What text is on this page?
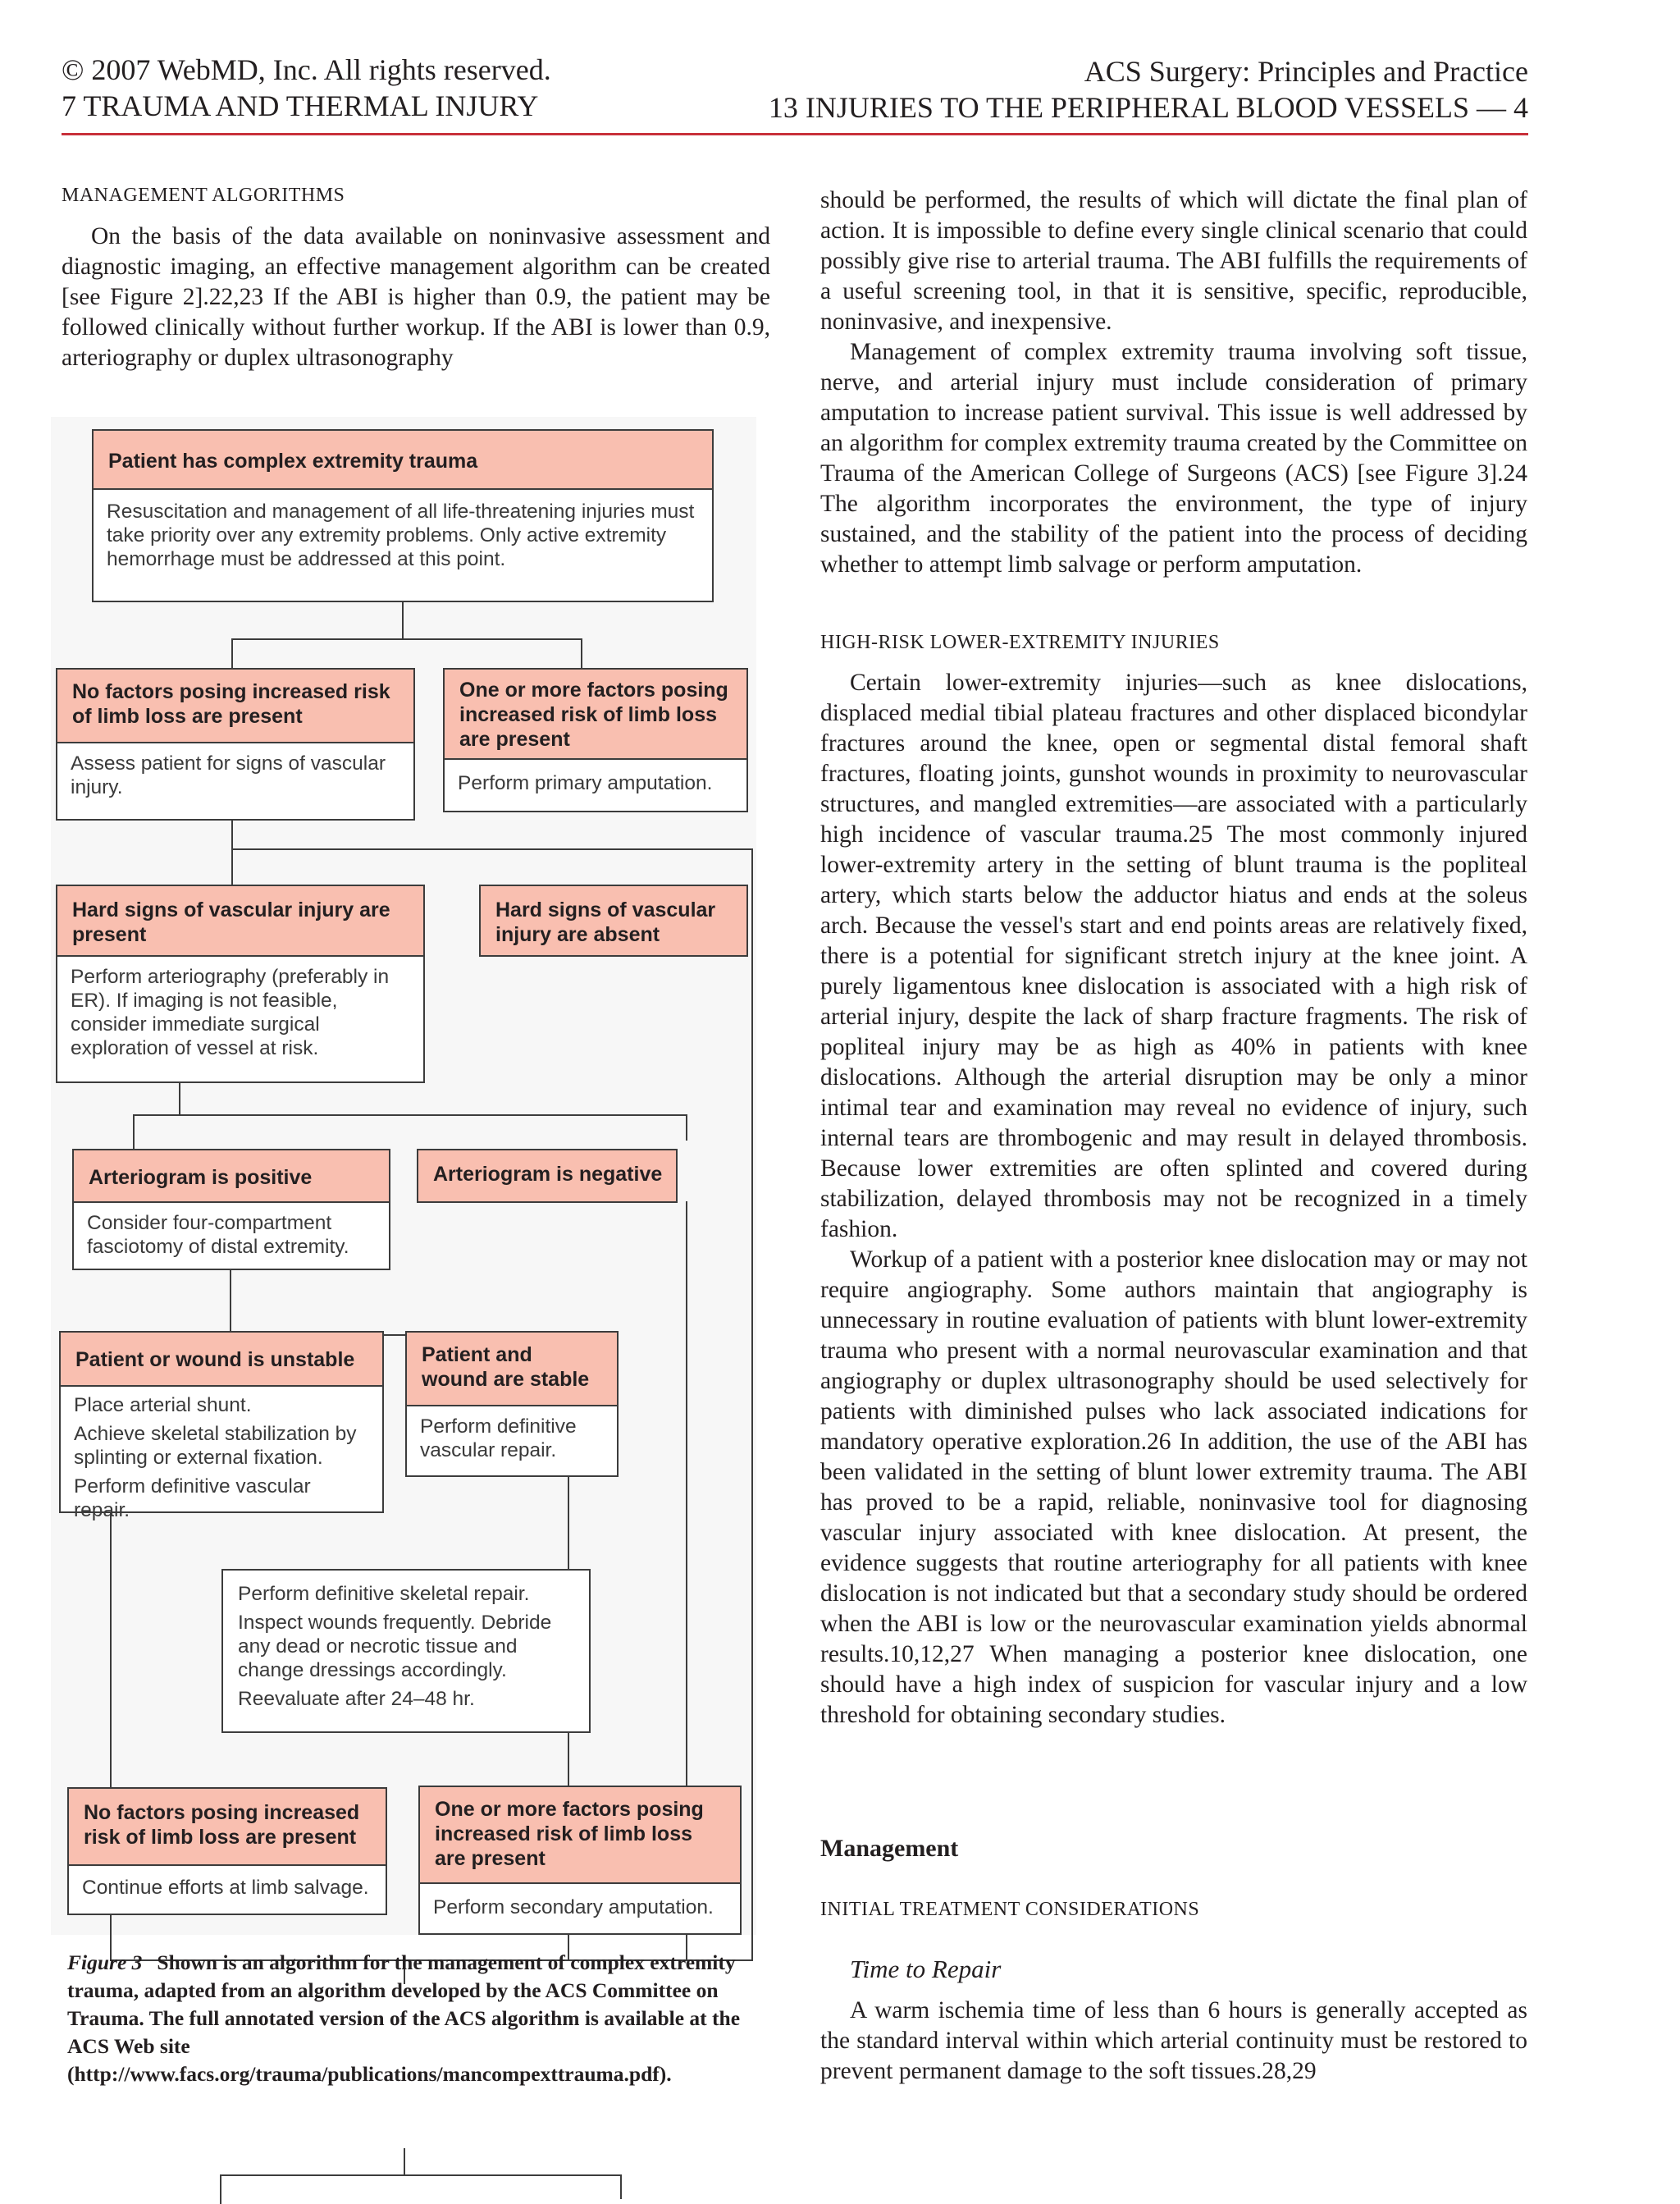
© 2007 WebMD, Inc. All rights reserved.
7 TRAUMA AND THERMAL INJURY
ACS Surgery: Principles and Practice
13 INJURIES TO THE PERIPHERAL BLOOD VESSELS — 4
MANAGEMENT ALGORITHMS

On the basis of the data available on noninvasive assessment and diagnostic imaging, an effective management algorithm can be created [see Figure 2].22,23 If the ABI is higher than 0.9, the patient may be followed clinically without further workup. If the ABI is lower than 0.9, arteriography or duplex ultrasonography

Patient has complex extremity trauma
Resuscitation and management of all life-threatening injuries must take priority over any extremity problems. Only active extremity hemorrhage must be addressed at this point.
No factors posing increased risk of limb loss are present
Assess patient for signs of vascular injury.
One or more factors posing increased risk of limb loss are present
Perform primary amputation.
Hard signs of vascular injury are present
Perform arteriography (preferably in ER). If imaging is not feasible, consider immediate surgical exploration of vessel at risk.
Hard signs of vascular injury are absent
Arteriogram is positive
Consider four-compartment fasciotomy of distal extremity.
Arteriogram is negative
Patient or wound is unstable
Place arterial shunt.
Achieve skeletal stabilization by splinting or external fixation.
Perform definitive vascular repair.
Patient and wound are stable
Perform definitive vascular repair.
Perform definitive skeletal repair.
Inspect wounds frequently. Debride any dead or necrotic tissue and change dressings accordingly.
Reevaluate after 24–48 hr.
No factors posing increased risk of limb loss are present
Continue efforts at limb salvage.
One or more factors posing increased risk of limb loss are present
Perform secondary amputation.
Figure 3 Shown is an algorithm for the management of complex extremity trauma, adapted from an algorithm developed by the ACS Committee on Trauma. The full annotated version of the ACS algorithm is available at the ACS Web site (http://www.facs.org/trauma/publications/mancompexttrauma.pdf).

should be performed, the results of which will dictate the final plan of action. It is impossible to define every single clinical scenario that could possibly give rise to arterial trauma. The ABI fulfills the requirements of a useful screening tool, in that it is sensitive, specific, reproducible, noninvasive, and inexpensive.

Management of complex extremity trauma involving soft tissue, nerve, and arterial injury must include consideration of primary amputation to increase patient survival. This issue is well addressed by an algorithm for complex extremity trauma created by the Committee on Trauma of the American College of Surgeons (ACS) [see Figure 3].24 The algorithm incorporates the environment, the type of injury sustained, and the stability of the patient into the process of deciding whether to attempt limb salvage or perform amputation.

HIGH-RISK LOWER-EXTREMITY INJURIES

Certain lower-extremity injuries—such as knee dislocations, displaced medial tibial plateau fractures and other displaced bicondylar fractures around the knee, open or segmental distal femoral shaft fractures, floating joints, gunshot wounds in proximity to neurovascular structures, and mangled extremities—are associated with a particularly high incidence of vascular trauma.25 The most commonly injured lower-extremity artery in the setting of blunt trauma is the popliteal artery, which starts below the adductor hiatus and ends at the soleus arch. Because the vessel's start and end points areas are relatively fixed, there is a potential for significant stretch injury at the knee joint. A purely ligamentous knee dislocation is associated with a high risk of arterial injury, despite the lack of sharp fracture fragments. The risk of popliteal injury may be as high as 40% in patients with knee dislocations. Although the arterial disruption may be only a minor intimal tear and examination may reveal no evidence of injury, such internal tears are thrombogenic and may result in delayed thrombosis. Because lower extremities are often splinted and covered during stabilization, delayed thrombosis may not be recognized in a timely fashion.

Workup of a patient with a posterior knee dislocation may or may not require angiography. Some authors maintain that angiography is unnecessary in routine evaluation of patients with blunt lower-extremity trauma who present with a normal neurovascular examination and that angiography or duplex ultrasonography should be used selectively for patients with diminished pulses who lack associated indications for mandatory operative exploration.26 In addition, the use of the ABI has been validated in the setting of blunt lower extremity trauma. The ABI has proved to be a rapid, reliable, noninvasive tool for diagnosing vascular injury associated with knee dislocation. At present, the evidence suggests that routine arteriography for all patients with knee dislocation is not indicated but that a secondary study should be ordered when the ABI is low or the neurovascular examination yields abnormal results.10,12,27 When managing a posterior knee dislocation, one should have a high index of suspicion for vascular injury and a low threshold for obtaining secondary studies.

Management
INITIAL TREATMENT CONSIDERATIONS
Time to Repair

A warm ischemia time of less than 6 hours is generally accepted as the standard interval within which arterial continuity must be restored to prevent permanent damage to the soft tissues.28,29
